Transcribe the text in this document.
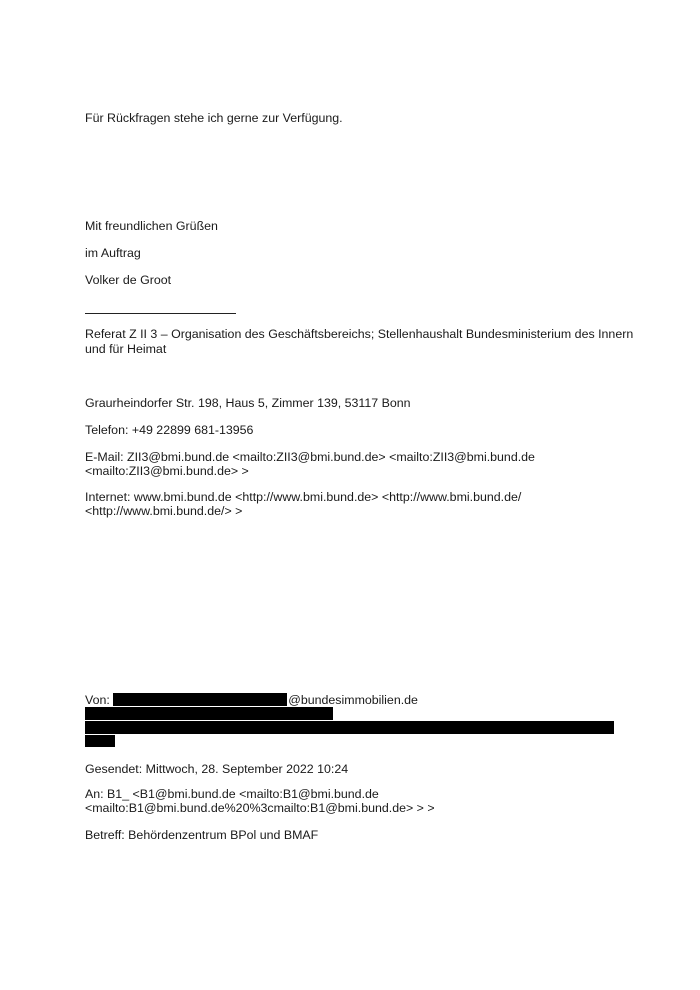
Für Rückfragen stehe ich gerne zur Verfügung.
Mit freundlichen Grüßen
im Auftrag
Volker de Groot
Referat Z II 3 – Organisation des Geschäftsbereichs; Stellenhaushalt Bundesministerium des Innern
und für Heimat
Graurheindorfer Str. 198, Haus 5, Zimmer 139, 53117 Bonn
Telefon: +49 22899 681-13956
E-Mail: ZII3@bmi.bund.de <mailto:ZII3@bmi.bund.de> <mailto:ZII3@bmi.bund.de
<mailto:ZII3@bmi.bund.de> >
Internet: www.bmi.bund.de <http://www.bmi.bund.de> <http://www.bmi.bund.de/
<http://www.bmi.bund.de/> >
Von:	@bundesimmobilien.de
Gesendet: Mittwoch, 28. September 2022 10:24
An: B1_ <B1@bmi.bund.de <mailto:B1@bmi.bund.de
<mailto:B1@bmi.bund.de%20%3cmailto:B1@bmi.bund.de> > >
Betreff: Behördenzentrum BPol und BMAF
